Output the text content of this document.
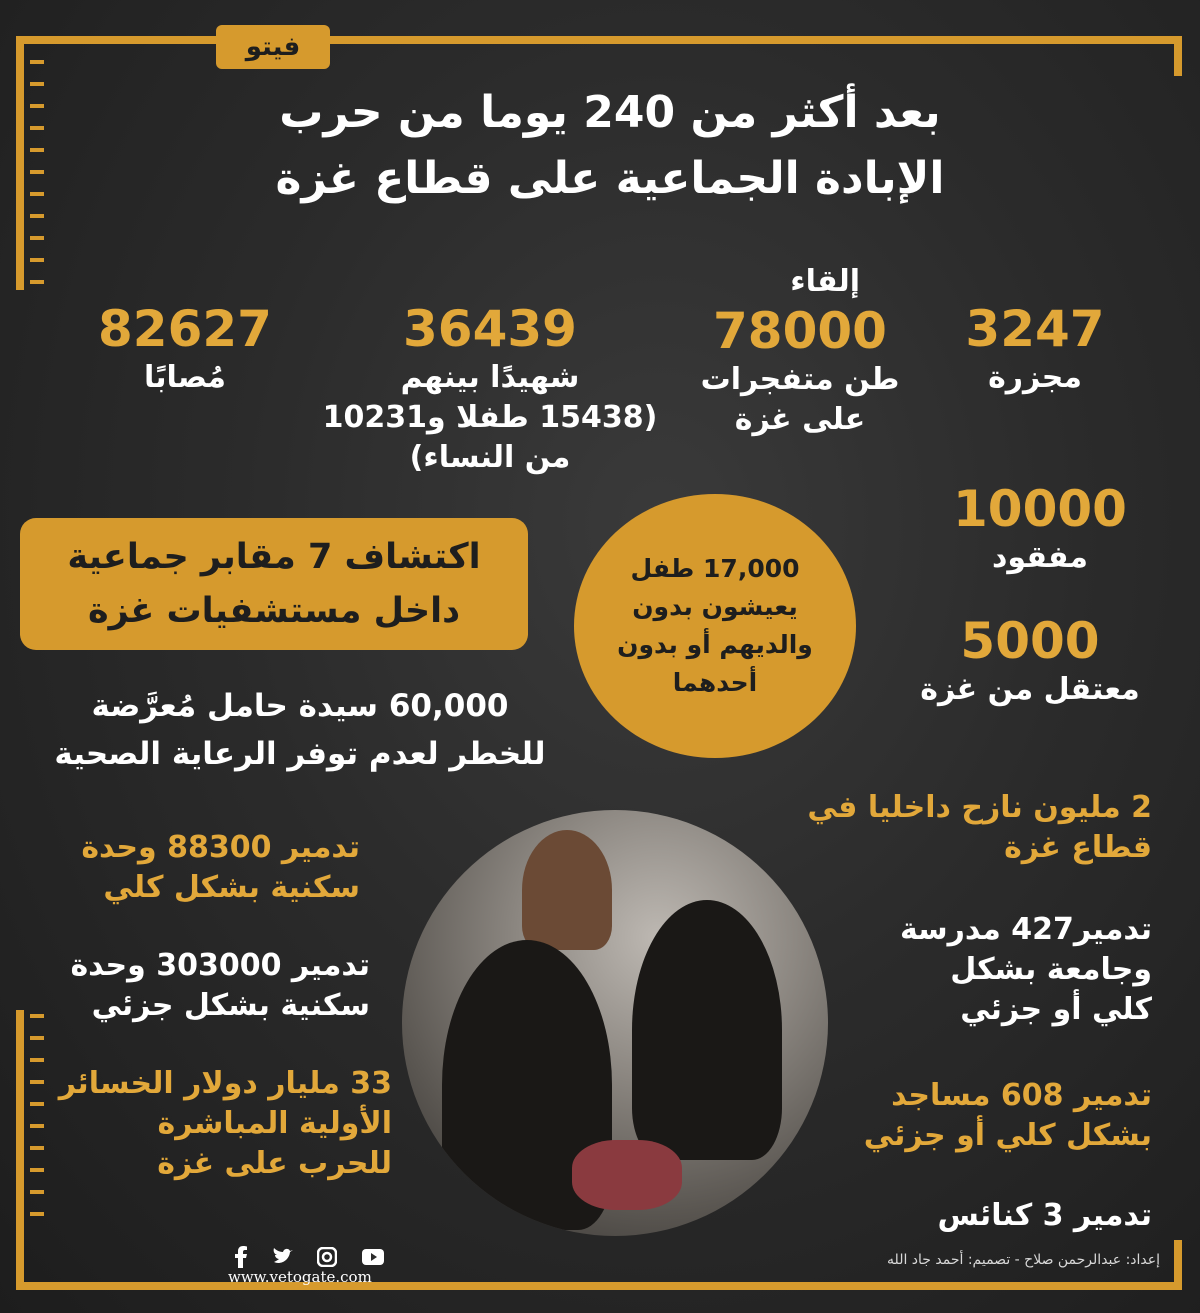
فيتو
بعد أكثر من 240 يوما من حرب
الإبادة الجماعية على قطاع غزة
3247
مجزرة
إلقاء
78000
طن متفجرات
على غزة
36439
شهيدًا بينهم
(15438 طفلا و10231
من النساء)
82627
مُصابًا
10000
مفقود
5000
معتقل من غزة
اكتشاف 7 مقابر جماعية
داخل مستشفيات غزة
17,000 طفل
يعيشون بدون
والديهم أو بدون
أحدهما
60,000 سيدة حامل مُعرَّضة
للخطر لعدم توفر الرعاية الصحية
2 مليون نازح داخليا في
قطاع غزة
تدمير427 مدرسة
وجامعة بشكل
كلي أو جزئي
تدمير 608 مساجد
بشكل كلي أو جزئي
تدمير 3 كنائس
تدمير 88300 وحدة
سكنية بشكل كلي
تدمير 303000 وحدة
سكنية بشكل جزئي
33 مليار دولار الخسائر
الأولية المباشرة
للحرب على غزة
www.vetogate.com
إعداد: عبدالرحمن صلاح - تصميم: أحمد جاد الله
